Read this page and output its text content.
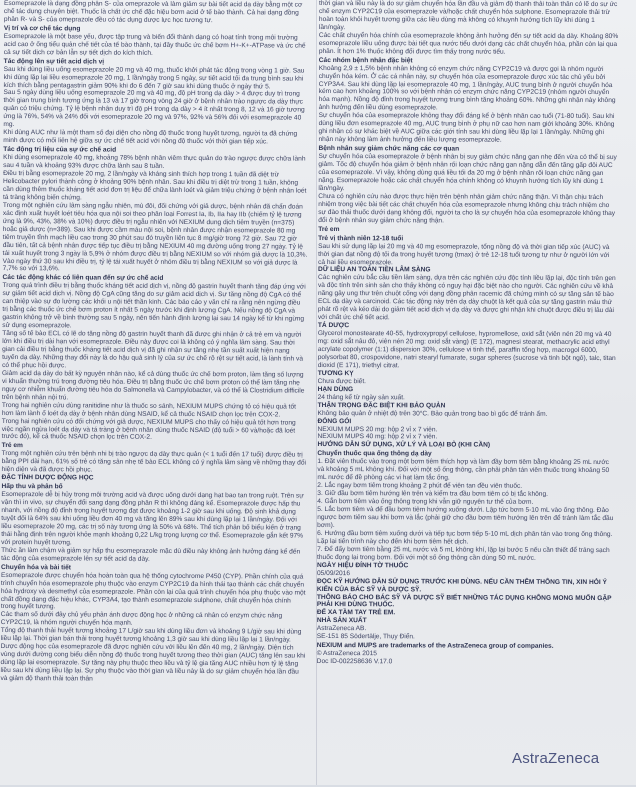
Esomeprazole là dạng đồng phân S- của omeprazole và làm giảm sự bài tiết acid dạ dày bằng một cơ chế tác dụng chuyên biệt. Thuốc là chất ức chế đặc hiệu bơm acid ở tế bào thành. Cả hai dạng đồng phân R- và S- của omeprazole đều có tác dụng dược lực học tương tự.
Vị trí và cơ chế tác dụng
Esomeprazole là một base yếu, được tập trung và biến đổi thành dạng có hoạt tính trong môi trường acid cao ở ống tiểu quản chế tiết của tế bào thành, tại đây thuốc ức chế bơm H+-K+-ATPase và ức chế cả sự tiết dịch cơ bản lẫn sự tiết dịch do kích thích.
Tác động lên sự tiết acid dịch vị
Sau khi dùng liều uống esomeprazole 20 mg và 40 mg, thuốc khởi phát tác động trong vòng 1 giờ. Sau khi dùng lặp lại liều esomeprazole 20 mg, 1 lần/ngày trong 5 ngày, sự tiết acid tối đa trung bình sau khi kích thích bằng pentagastrin giảm 90% khi đo 6 đến 7 giờ sau khi dùng thuốc ở ngày thứ 5.
Sau 5 ngày dùng liều uống esomeprazole 20 mg và 40 mg, độ pH trong dạ dày > 4 được duy trì trong thời gian trung bình tương ứng là 13 và 17 giờ trong vòng 24 giờ ở bệnh nhân trào ngược dạ dày thực quản có triệu chứng. Tỷ lệ bệnh nhân duy trì độ pH trong dạ dày > 4 ít nhất trong 8, 12 và 16 giờ tương ứng là 76%, 54% và 24% đối với esomeprazole 20 mg và 97%, 92% và 56% đối với esomeprazole 40 mg.
Khi dùng AUC như là một tham số đại diện cho nồng độ thuốc trong huyết tương, người ta đã chứng minh được có mối liên hệ giữa sự ức chế tiết acid với nồng độ thuốc với thời gian tiếp xúc.
Tác động trị liệu của sự ức chế acid
Khi dùng esomeprazole 40 mg, khoảng 78% bệnh nhân viêm thực quản do trào ngược được chữa lành sau 4 tuần và khoảng 93% được chữa lành sau 8 tuần.
Điều trị bằng esomeprazole 20 mg, 2 lần/ngày và kháng sinh thích hợp trong 1 tuần đã diệt trừ Helicobacter pylori thành công ở khoảng 90% bệnh nhân. Sau khi điều trị diệt trừ trong 1 tuần, không cần dùng thêm thuốc kháng tiết acid đơn trị liệu để chữa lành loét và giảm triệu chứng ở bệnh nhân loét tá tràng không biến chứng.
Trong một nghiên cứu lâm sàng ngẫu nhiên, mù đôi, đối chứng với giả dược, bệnh nhân đã chẩn đoán xác định xuất huyết loét tiêu hóa qua nội soi theo phân loại Forrest Ia, Ib, IIa hay IIb (chiếm tỷ lệ tương ứng là 9%, 43%, 38% và 10%) được điều trị ngẫu nhiên với NEXIUM dung dịch tiêm truyền (n=375) hoặc giả dược (n=389). Sau khi được cầm máu nội soi, bệnh nhân được nhận esomeprazole 80 mg tiêm truyền tĩnh mạch liều cao trong 30 phút sau đó truyền liên tục 8 mg/giờ trong 72 giờ. Sau 72 giờ đầu tiên, tất cả bệnh nhân được tiếp tục điều trị bằng NEXIUM 40 mg đường uống trong 27 ngày. Tỷ lệ tái xuất huyết trong 3 ngày là 5,9% ở nhóm được điều trị bằng NEXIUM so với nhóm giả dược là 10,3%. Vào ngày thứ 30 sau khi điều trị, tỷ lệ tái xuất huyết ở nhóm điều trị bằng NEXIUM so với giả dược là 7,7% so với 13,6%.
Các tác động khác có liên quan đến sự ức chế acid
Trong quá trình điều trị bằng thuốc kháng tiết acid dịch vị, nồng độ gastrin huyết thanh tăng đáp ứng với sự giảm tiết acid dịch vị. Nồng độ CgA cũng tăng do sự giảm acid dịch vị. Sự tăng nồng độ CgA có thể can thiệp vào sự đo lường các khối u nội tiết thần kinh. Các báo cáo y văn chỉ ra rằng nên ngừng điều trị bằng các thuốc ức chế bơm proton ít nhất 5 ngày trước khi định lượng CgA. Nếu nồng độ CgA và gastrin không trở về bình thường sau 5 ngày, nên tiến hành định lượng lại sau 14 ngày kể từ khi ngừng sử dụng esomeprazole.
Tăng số tế bào ECL có lẽ do tăng nồng độ gastrin huyết thanh đã được ghi nhận ở cả trẻ em và người lớn khi điều trị dài hạn với esomeprazole. Điều này được coi là không có ý nghĩa lâm sàng. Sau thời gian cải điều trị bằng thuốc kháng tiết acid dịch vị đã ghi nhận sự tăng nhẹ tần suất xuất hiện nang tuyến dạ dày. Những thay đổi này là do hậu quả sinh lý của sự ức chế rõ rệt sự tiết acid, là lành tính và có thể phục hồi được.
Giảm acid dạ dày do bất kỳ nguyên nhân nào, kể cả dùng thuốc ức chế bơm proton, làm tăng số lượng vi khuẩn thường trú trong đường tiêu hóa. Điều trị bằng thuốc ức chế bơm proton có thể làm tăng nhẹ nguy cơ nhiễm khuẩn đường tiêu hóa do Salmonella và Campylobacter, và có thể là Clostridium difficile trên bệnh nhân nội trú.
Trong hai nghiên cứu dùng ranitidine như là thuốc so sánh, NEXIUM MUPS chứng tỏ có hiệu quả tốt hơn làm lành ổ loét dạ dày ở bệnh nhân dùng NSAID, kể cả thuốc NSAID chọn lọc trên COX-2.
Trong hai nghiên cứu có đối chứng với giả dược, NEXIUM MUPS cho thấy có hiệu quả tốt hơn trong việc ngăn ngừa loét dạ dày và tá tràng ở bệnh nhân dùng thuốc NSAID (độ tuổi > 60 và/hoặc đã loét trước đó), kể cả thuốc NSAID chọn lọc trên COX-2.
Trẻ em
Trong một nghiên cứu trên bệnh nhi bị trào ngược dạ dày thực quản (< 1 tuổi đến 17 tuổi) được điều trị bằng PPI dài hạn, 61% số trẻ có tăng sản nhẹ tế bào ECL không có ý nghĩa lâm sàng về những thay đổi hiện diện và đã được hồi phục.
ĐẶC TÍNH DƯỢC ĐỘNG HỌC
Hấp thu và phân bố
Esomeprazole dễ bị hủy trong môi trường acid và được uống dưới dạng hạt bao tan trong ruột. Trên sự vận thì in vivo, sự chuyển đổi sang dạng đồng phân R thì không đáng kể. Esomeprazole được hấp thu nhanh, với nồng độ đỉnh trong huyết tương đạt được khoảng 1-2 giờ sau khi uống. Độ sinh khả dụng tuyệt đối là 64% sau khi uống liều đơn 40 mg và tăng lên 89% sau khi dùng lặp lại 1 lần/ngày. Đối với liều esomeprazole 20 mg, các trị số này tương ứng là 50% và 68%. Thể tích phân bố biểu kiến ở trạng thái hằng định trên người khỏe mạnh khoảng 0,22 L/kg trọng lượng cơ thể. Esomeprazole gắn kết 97% với protein huyết tương.
Thức ăn làm chậm và giảm sự hấp thu esomeprazole mặc dù điều này không ảnh hưởng đáng kể đến tác động của esomeprazole lên sự tiết acid dạ dày.
Chuyển hóa và bài tiết
Esomeprazole được chuyển hóa hoàn toàn qua hệ thống cytochrome P450 (CYP). Phần chính của quá trình chuyển hóa esomeprazole phụ thuộc vào enzym CYP2C19 đa hình thái tạo thành các chất chuyển hóa hydroxy và desmethyl của esomeprazole. Phần còn lại của quá trình chuyển hóa phụ thuộc vào một chất đồng dạng đặc hiệu khác, CYP3A4, tạo thành esomeprazole sulphone, chất chuyển hóa chính trong huyết tương.
Các tham số dưới đây chủ yếu phản ánh dược động học ở những cá nhân có enzym chức năng CYP2C19, là nhóm người chuyển hóa mạnh.
Tổng độ thanh thải huyết tương khoảng 17 L/giờ sau khi dùng liều đơn và khoảng 9 L/giờ sau khi dùng liều lặp lại. Thời gian bán thải trong huyết tương khoảng 1,3 giờ sau khi dùng liều lặp lại 1 lần/ngày. Dược động học của esomeprazole đã được nghiên cứu với liều lên đến 40 mg, 2 lần/ngày. Diện tích vùng dưới đường cong biểu diễn nồng độ thuốc trong huyết tương theo thời gian (AUC) tăng lên sau khi dùng lặp lại esomeprazole. Sự tăng này phụ thuộc theo liều và tỷ lệ gia tăng AUC nhiều hơn tỷ lệ tăng liều sau khi dùng liều lặp lại. Sự phụ thuộc vào thời gian và liều này là do sự giảm chuyển hóa lần đầu và giảm độ thanh thải toàn thân
thời gian và liều này là do sự giảm chuyển hóa lần đầu và giảm độ thanh thải toàn thân có lẽ do sự ức chế enzym CYP2C19 của esomeprazole và/hoặc chất chuyển hóa sulphone. Esomeprazole thải trừ hoàn toàn khỏi huyết tương giữa các liều dùng mà không có khuynh hướng tích lũy khi dùng 1 lần/ngày.
Các chất chuyển hóa chính của esomeprazole không ảnh hưởng đến sự tiết acid dạ dày. Khoảng 80% esomeprazole liều uống được bài tiết qua nước tiểu dưới dạng các chất chuyển hóa, phần còn lại qua phân. Ít hơn 1% thuốc không đổi được tìm thấy trong nước tiểu.
Các nhóm bệnh nhân đặc biệt
Khoảng 2,9 ± 1,5% bệnh nhân không có enzym chức năng CYP2C19 và được gọi là nhóm người chuyển hóa kém. Ở các cá nhân này, sự chuyển hóa của esomeprazole được xúc tác chủ yếu bởi CYP3A4. Sau khi dùng lặp lại esomeprazole 40 mg, 1 lần/ngày, AUC trung bình ở người chuyển hóa kém cao hơn khoảng 100% so với bệnh nhân có enzym chức năng CYP2C19 (nhóm người chuyển hóa mạnh). Nồng độ đỉnh trong huyết tương trung bình tăng khoảng 60%. Những ghi nhận này không ảnh hưởng đến liều dùng esomeprazole.
Sự chuyển hóa của esomeprazole không thay đổi đáng kể ở bệnh nhân cao tuổi (71-80 tuổi). Sau khi dùng liều đơn esomeprazole 40 mg, AUC trung bình ở phụ nữ cao hơn nam giới khoảng 30%. Không ghi nhận có sự khác biệt về AUC giữa các giới tính sau khi dùng liều lặp lại 1 lần/ngày. Những ghi nhận này không làm ảnh hưởng đến liều lượng esomeprazole.
Bệnh nhân suy giảm chức năng các cơ quan
Sự chuyển hóa của esomeprazole ở bệnh nhân bị suy giảm chức năng gan nhẹ đến vừa có thể bị suy giảm. Tốc độ chuyển hóa giảm ở bệnh nhân rối loạn chức năng gan nặng dẫn đến tăng gấp đôi AUC của esomeprazole. Vì vậy, không dùng quá liều tối đa 20 mg ở bệnh nhân rối loạn chức năng gan nặng. Esomeprazole hoặc các chất chuyển hóa chính không có khuynh hướng tích lũy khi dùng 1 lần/ngày.
Chưa có nghiên cứu nào được thực hiện trên bệnh nhân giảm chức năng thận. Vì thận chịu trách nhiệm trong việc bài tiết các chất chuyển hóa của esomeprazole nhưng không chịu trách nhiệm cho sự đào thải thuốc dưới dạng không đổi, người ta cho là sự chuyển hóa của esomeprazole không thay đổi ở bệnh nhân suy giảm chức năng thận.
Trẻ em
Trẻ vị thành niên 12-18 tuổi
Sau khi sử dụng lặp lại 20 mg và 40 mg esomeprazole, tổng nồng độ và thời gian tiếp xúc (AUC) và thời gian đạt nồng độ tối đa trong huyết tương (tmax) ở trẻ 12-18 tuổi tương tự như ở người lớn với cả hai liều esomeprazole.
DỮ LIỆU AN TOÀN TIỀN LÂM SÀNG
Các nghiên cứu bắc cầu tiền lâm sàng, dựa trên các nghiên cứu độc tính liều lặp lại, độc tính trên gen và độc tính trên sinh sản cho thấy không có nguy hại đặc biệt nào cho người. Các nghiên cứu về khả năng gây ung thư trên chuột cống với dạng đồng phân racemic đã chứng minh có sự tăng sản tế bào ECL dạ dày và carcinoid. Các tác động này trên dạ dày chuột là kết quả của sự tăng gastrin máu thứ phát rõ rệt và kéo dài do giảm tiết acid dịch vị dạ dày và được ghi nhận khi chuột được điều trị lâu dài với chất ức chế tiết acid.
TÁ DƯỢC
Glycerol monostearate 40-55, hydroxypropyl cellulose, hypromellose, oxid sắt (viên nén 20 mg và 40 mg: oxid sắt nâu đỏ, viên nén 20 mg: oxid sắt vàng) (E 172), magnesi stearat, methacrylic acid ethyl acrylate copolymer (1:1) dispersion 30%, cellulose vi tinh thể, paraffin tổng hợp, macrogol 6000, polysorbat 80, crospovidone, natri stearyl fumarate, sugar spheres (sucrose và tinh bột ngô), talc, titan dioxid (E 171), triethyl citrat.
TƯƠNG KỴ
Chưa được biết.
HẠN DÙNG
24 tháng kể từ ngày sản xuất.
THẬN TRỌNG ĐẶC BIỆT KHI BẢO QUẢN
Không bảo quản ở nhiệt độ trên 30°C. Bảo quản trong bao bì gốc để tránh ẩm.
ĐÓNG GÓI
NEXIUM MUPS 20 mg: hộp 2 vỉ x 7 viên.
NEXIUM MUPS 40 mg: hộp 2 vỉ x 7 viên.
HƯỚNG DẪN SỬ DỤNG, XỬ LÝ VÀ LOẠI BỎ (KHI CẦN)
Chuyển thuốc qua ống thông dạ dày
1. Đặt viên thuốc vào trong một bơm tiêm thích hợp và làm đầy bơm tiêm bằng khoảng 25 mL nước và khoảng 5 mL không khí. Đối với một số ống thông, cần phải phân tán viên thuốc trong khoảng 50 mL nước để đề phòng các vi hạt làm tắc ống.
2. Lắc ngay bơm tiêm trong khoảng 2 phút để viên tan đều viên thuốc.
3. Giữ đầu bơm tiêm hướng lên trên và kiểm tra đầu bơm tiêm có bị tắc không.
4. Gắn bơm tiêm vào ống thông trong khi vẫn giữ nguyên tư thế của bơm.
5. Lắc bơm tiêm và để đầu bơm tiêm hướng xuống dưới. Lập tức bơm 5-10 mL vào ống thông. Đảo ngược bơm tiêm sau khi bơm và lắc (phải giữ cho đầu bơm tiêm hướng lên trên để tránh làm tắc đầu bơm).
6. Hướng đầu bơm tiêm xuống dưới và tiếp tục bơm tiếp 5-10 mL dịch phân tán vào trong ống thông. Lặp lại tiến trình này cho đến khi bơm tiêm hết dịch.
7. Để đẩy bơm tiêm bằng 25 mL nước và 5 mL không khí, lặp lại bước 5 nếu cần thiết để tráng sạch thuốc đọng lại trong bơm. Đối với một số ống thông cần dùng 50 mL nước.
NGÀY HIỆU ĐÍNH TỜ THUỐC
05/09/2016
ĐỌC KỸ HƯỚNG DẪN SỬ DỤNG TRƯỚC KHI DÙNG. NẾU CẦN THÊM THÔNG TIN, XIN HỎI Ý KIẾN CỦA BÁC SỸ VÀ DƯỢC SỸ.
THÔNG BÁO CHO BÁC SỸ VÀ DƯỢC SỸ BIẾT NHỮNG TÁC DỤNG KHÔNG MONG MUỐN GẶP PHẢI KHI DÙNG THUỐC.
ĐỂ XA TẦM TAY TRẺ EM.
NHÀ SẢN XUẤT
AstraZeneca AB.
SE-151 85 Södertälje, Thụy Điển.
NEXIUM and MUPS are trademarks of the AstraZeneca group of companies.
© AstraZeneca 2015
Doc ID-002258636 V.17.0
AstraZeneca
